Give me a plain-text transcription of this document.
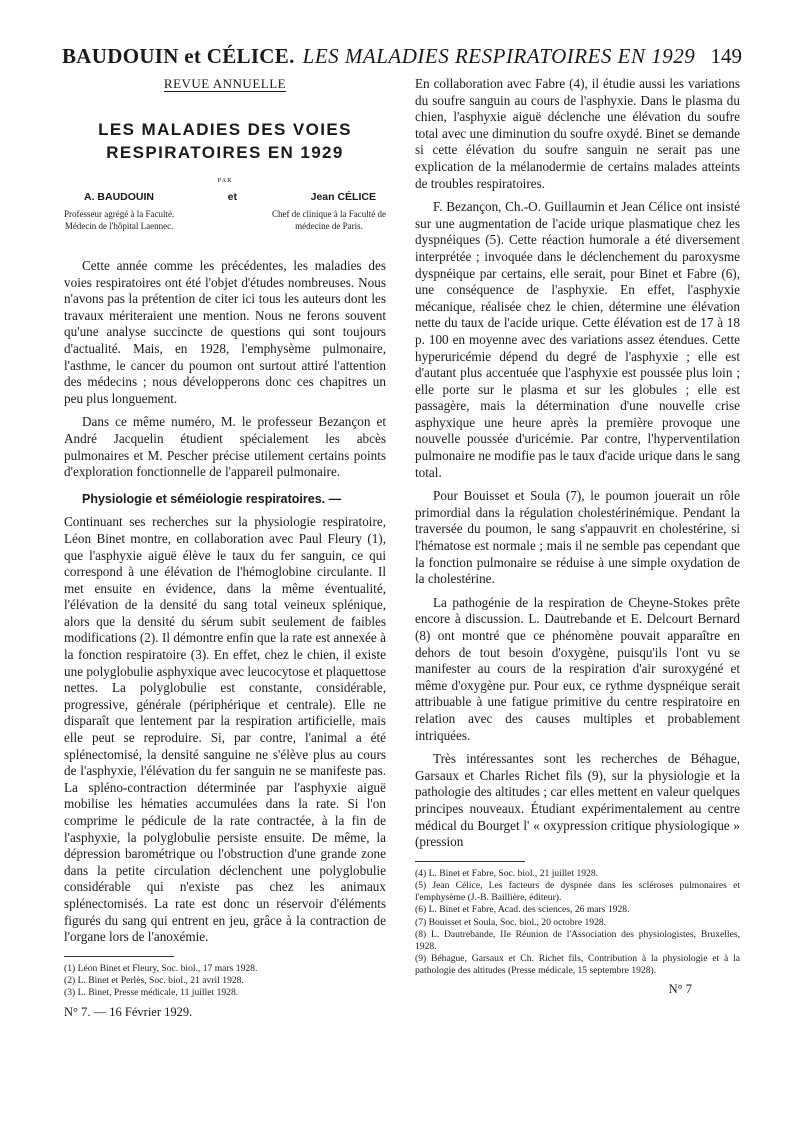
BAUDOUIN et CÉLICE. LES MALADIES RESPIRATOIRES EN 1929 149
REVUE ANNUELLE
LES MALADIES DES VOIES
RESPIRATOIRES EN 1929
PAR
A. BAUDOUIN	et	Jean CÉLICE
Professeur agrégé à la Faculté.
Médecin de l'hôpital Laennec.
Chef de clinique à la Faculté de
médecine de Paris.

Cette année comme les précédentes, les maladies des voies respiratoires ont été l'objet d'études nombreuses. Nous n'avons pas la prétention de citer ici tous les auteurs dont les travaux mériteraient une mention. Nous ne ferons souvent qu'une analyse succincte de questions qui sont toujours d'actualité. Mais, en 1928, l'emphysème pulmonaire, l'asthme, le cancer du poumon ont surtout attiré l'attention des médecins ; nous développerons donc ces chapitres un peu plus longuement.

Dans ce même numéro, M. le professeur Bezançon et André Jacquelin étudient spécialement les abcès pulmonaires et M. Pescher précise utilement certains points d'exploration fonctionnelle de l'appareil pulmonaire.

Physiologie et séméiologie respiratoires. —

Continuant ses recherches sur la physiologie respiratoire, Léon Binet montre, en collaboration avec Paul Fleury (1), que l'asphyxie aiguë élève le taux du fer sanguin, ce qui correspond à une élévation de l'hémoglobine circulante. Il met ensuite en évidence, dans la même éventualité, l'élévation de la densité du sang total veineux splénique, alors que la densité du sérum subit seulement de faibles modifications (2). Il démontre enfin que la rate est annexée à la fonction respiratoire (3). En effet, chez le chien, il existe une polyglobulie asphyxique avec leucocytose et plaquettose nettes. La polyglobulie est constante, considérable, progressive, générale (périphérique et centrale). Elle ne disparaît que lentement par la respiration artificielle, mais elle peut se reproduire. Si, par contre, l'animal a été splénectomisé, la densité sanguine ne s'élève plus au cours de l'asphyxie, l'élévation du fer sanguin ne se manifeste pas. La spléno-contraction déterminée par l'asphyxie aiguë mobilise les hématies accumulées dans la rate. Si l'on comprime le pédicule de la rate contractée, à la fin de l'asphyxie, la polyglobulie persiste ensuite. De même, la dépression barométrique ou l'obstruction d'une grande zone dans la petite circulation déclenchent une polyglobulie considérable qui n'existe pas chez les animaux splénectomisés. La rate est donc un réservoir d'éléments figurés du sang qui entrent en jeu, grâce à la contraction de l'organe lors de l'anoxémie.

(1) Léon Binet et Fleury, Soc. biol., 17 mars 1928.
(2) L. Binet et Perlès, Soc. biol., 21 avril 1928.
(3) L. Binet, Presse médicale, 11 juillet 1928.
N° 7. — 16 Février 1929.

En collaboration avec Fabre (4), il étudie aussi les variations du soufre sanguin au cours de l'asphyxie. Dans le plasma du chien, l'asphyxie aiguë déclenche une élévation du soufre total avec une diminution du soufre oxydé. Binet se demande si cette élévation du soufre sanguin ne serait pas une explication de la mélanodermie de certains malades atteints de troubles respiratoires.

F. Bezançon, Ch.-O. Guillaumin et Jean Célice ont insisté sur une augmentation de l'acide urique plasmatique chez les dyspnéiques (5). Cette réaction humorale a été diversement interprétée ; invoquée dans le déclenchement du paroxysme dyspnéique par certains, elle serait, pour Binet et Fabre (6), une conséquence de l'asphyxie. En effet, l'asphyxie mécanique, réalisée chez le chien, détermine une élévation nette du taux de l'acide urique. Cette élévation est de 17 à 18 p. 100 en moyenne avec des variations assez étendues. Cette hyperuricémie dépend du degré de l'asphyxie ; elle est d'autant plus accentuée que l'asphyxie est poussée plus loin ; elle porte sur le plasma et sur les globules ; elle est passagère, mais la détermination d'une nouvelle crise asphyxique une heure après la première provoque une nouvelle poussée d'uricémie. Par contre, l'hyperventilation pulmonaire ne modifie pas le taux d'acide urique dans le sang total.

Pour Bouisset et Soula (7), le poumon jouerait un rôle primordial dans la régulation cholestérinémique. Pendant la traversée du poumon, le sang s'appauvrit en cholestérine, si l'hématose est normale ; mais il ne semble pas cependant que la fonction pulmonaire se réduise à une simple oxydation de la cholestérine.

La pathogénie de la respiration de Cheyne-Stokes prête encore à discussion. L. Dautrebande et E. Delcourt Bernard (8) ont montré que ce phénomène pouvait apparaître en dehors de tout besoin d'oxygène, puisqu'ils l'ont vu se manifester au cours de la respiration d'air suroxygéné et même d'oxygène pur. Pour eux, ce rythme dyspnéique serait attribuable à une fatigue primitive du centre respiratoire en relation avec des causes multiples et probablement intriquées.

Très intéressantes sont les recherches de Béhague, Garsaux et Charles Richet fils (9), sur la physiologie et la pathologie des altitudes ; car elles mettent en valeur quelques principes nouveaux. Étudiant expérimentalement au centre médical du Bourget l' « oxypression critique physiologique » (pression

(4) L. Binet et Fabre, Soc. biol., 21 juillet 1928.
(5) Jean Célice, Les facteurs de dyspnée dans les scléroses pulmonaires et l'emphysème (J.-B. Baillière, éditeur).
(6) L. Binet et Fabre, Acad. des sciences, 26 mars 1928.
(7) Bouisset et Soula, Soc. biol., 20 octobre 1928.
(8) L. Dautrebande, IIe Réunion de l'Association des physiologistes, Bruxelles, 1928.
(9) Béhague, Garsaux et Ch. Richet fils, Contribution à la physiologie et à la pathologie des altitudes (Presse médicale, 15 septembre 1928).
N° 7
